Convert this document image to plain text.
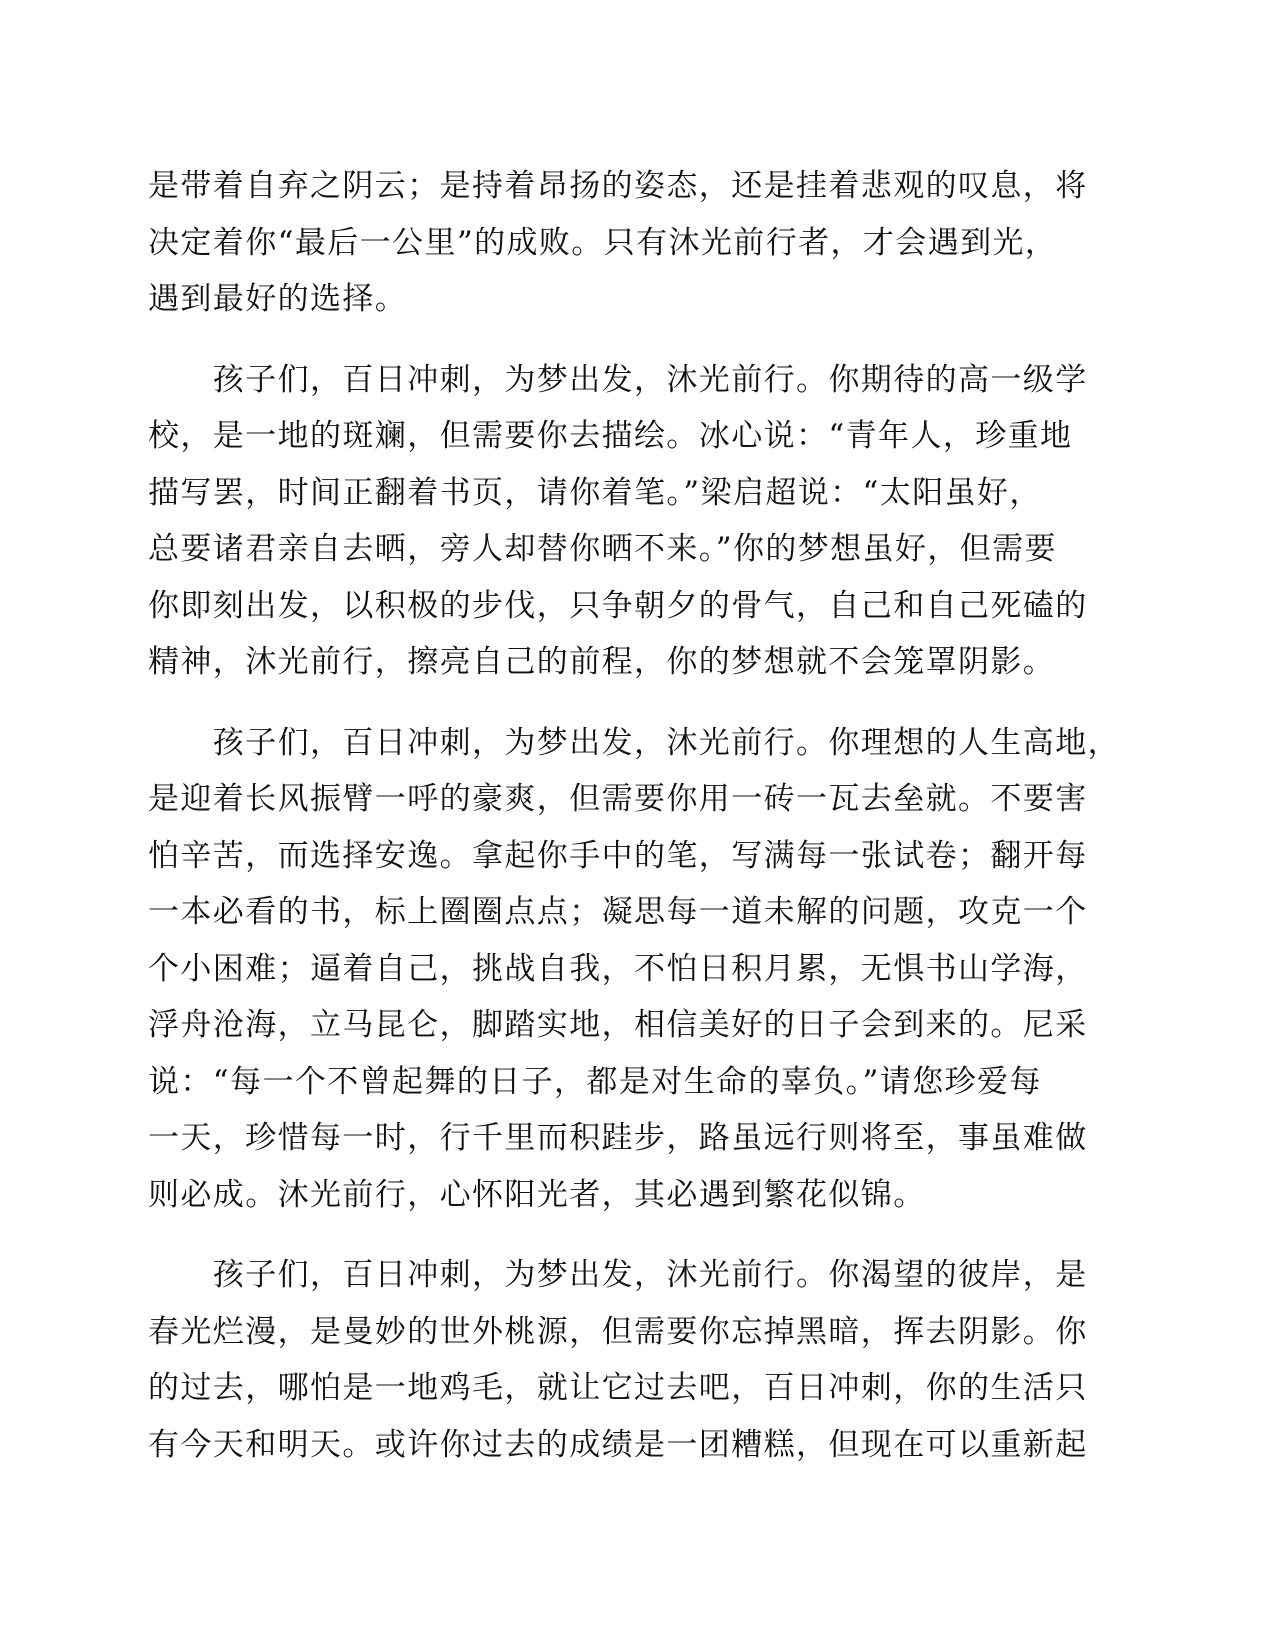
是带着自弃之阴云；是持着昂扬的姿态，还是挂着悲观的叹息，将
决定着你“最后一公里”的成败。只有沐光前行者，才会遇到光，
遇到最好的选择。

　　孩子们，百日冲刺，为梦出发，沐光前行。你期待的高一级学
校，是一地的斑斓，但需要你去描绘。冰心说：“青年人，珍重地
描写罢，时间正翻着书页，请你着笔。”梁启超说：“太阳虽好，
总要诸君亲自去晒，旁人却替你晒不来。”你的梦想虽好，但需要
你即刻出发，以积极的步伐，只争朝夕的骨气，自己和自己死磕的
精神，沐光前行，擦亮自己的前程，你的梦想就不会笼罩阴影。

　　孩子们，百日冲刺，为梦出发，沐光前行。你理想的人生高地，
是迎着长风振臂一呼的豪爽，但需要你用一砖一瓦去垒就。不要害
怕辛苦，而选择安逸。拿起你手中的笔，写满每一张试卷；翻开每
一本必看的书，标上圈圈点点；凝思每一道未解的问题，攻克一个
个小困难；逼着自己，挑战自我，不怕日积月累，无惧书山学海，
浮舟沧海，立马昆仑，脚踏实地，相信美好的日子会到来的。尼采
说：“每一个不曾起舞的日子，都是对生命的辜负。”请您珍爱每
一天，珍惜每一时，行千里而积跬步，路虽远行则将至，事虽难做
则必成。沐光前行，心怀阳光者，其必遇到繁花似锦。

　　孩子们，百日冲刺，为梦出发，沐光前行。你渴望的彼岸，是
春光烂漫，是曼妙的世外桃源，但需要你忘掉黑暗，挥去阴影。你
的过去，哪怕是一地鸡毛，就让它过去吧，百日冲刺，你的生活只
有今天和明天。或许你过去的成绩是一团糟糕，但现在可以重新起
